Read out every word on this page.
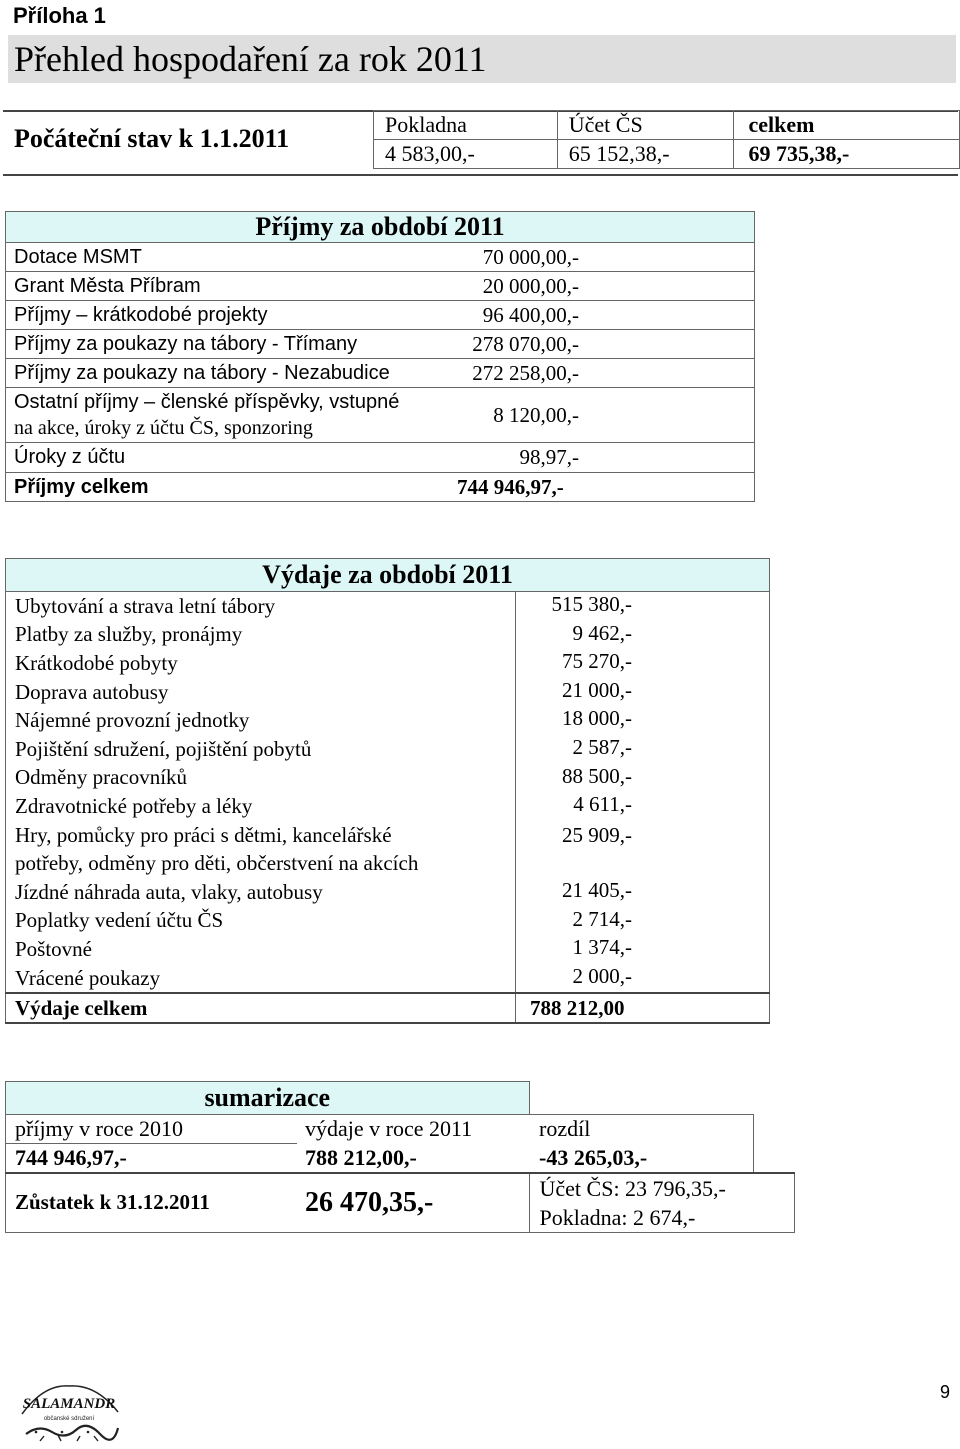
Příloha 1
Přehled hospodaření za rok 2011
Počáteční stav k 1.1.2011	Pokladna	Účet ČS	celkem
4 583,00,-	65 152,38,-	69 735,38,-
Příjmy za období 2011	
Dotace MSMT	70 000,00,-
Grant Města Příbram	20 000,00,-
Příjmy – krátkodobé projekty	96 400,00,-
Příjmy za poukazy na tábory - Třímany	278 070,00,-
Příjmy za poukazy na tábory - Nezabudice	272 258,00,-

Ostatní příjmy – členské příspěvky, vstupné
na akce, úroky z účtu ČS, sponzoring	8 120,00,-
Úroky z účtu	98,97,-
Příjmy celkem	744 946,97,-
Výdaje za období 2011	
Ubytování a strava letní tábory	515 380,-
Platby za služby, pronájmy	9 462,-
Krátkodobé pobyty	75 270,-
Doprava autobusy	21 000,-
Nájemné provozní jednotky	18 000,-
Pojištění sdružení, pojištění pobytů	2 587,-
Odměny pracovníků	88 500,-
Zdravotnické potřeby a léky	4 611,-

Hry, pomůcky pro práci s dětmi, kancelářské
potřeby, odměny pro děti, občerstvení na akcích	25 909,-
Jízdné náhrada auta, vlaky, autobusy	21 405,-
Poplatky vedení účtu ČS	2 714,-
Poštovné	1 374,-
Vrácené poukazy	2 000,-
Výdaje celkem	788 212,00
sumarizace			
příjmy v roce 2010	výdaje v roce 2011	rozdíl	
744 946,97,-	788 212,00,-	-43 265,03,-	
Zůstatek k 31.12.2011	26 470,35,-	Účet ČS: 23 796,35,-
Pokladna: 2 674,-	
SALAMANDR
občanské sdružení
9
